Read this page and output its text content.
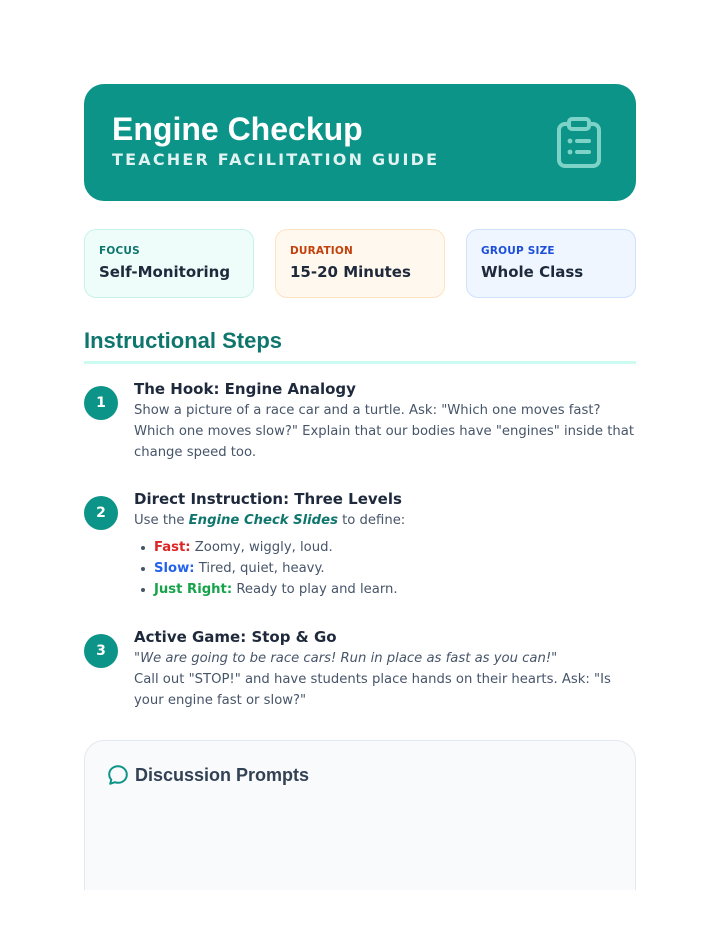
Engine Checkup
TEACHER FACILITATION GUIDE
FOCUS
Self-Monitoring
DURATION
15-20 Minutes
GROUP SIZE
Whole Class
Instructional Steps
1
The Hook: Engine Analogy
Show a picture of a race car and a turtle. Ask: "Which one moves fast? Which one moves slow?" Explain that our bodies have "engines" inside that change speed too.
2
Direct Instruction: Three Levels
Use the Engine Check Slides to define:
Fast: Zoomy, wiggly, loud.
Slow: Tired, quiet, heavy.
Just Right: Ready to play and learn.
3
Active Game: Stop & Go
"We are going to be race cars! Run in place as fast as you can!"
Call out "STOP!" and have students place hands on their hearts. Ask: "Is your engine fast or slow?"
Discussion Prompts
